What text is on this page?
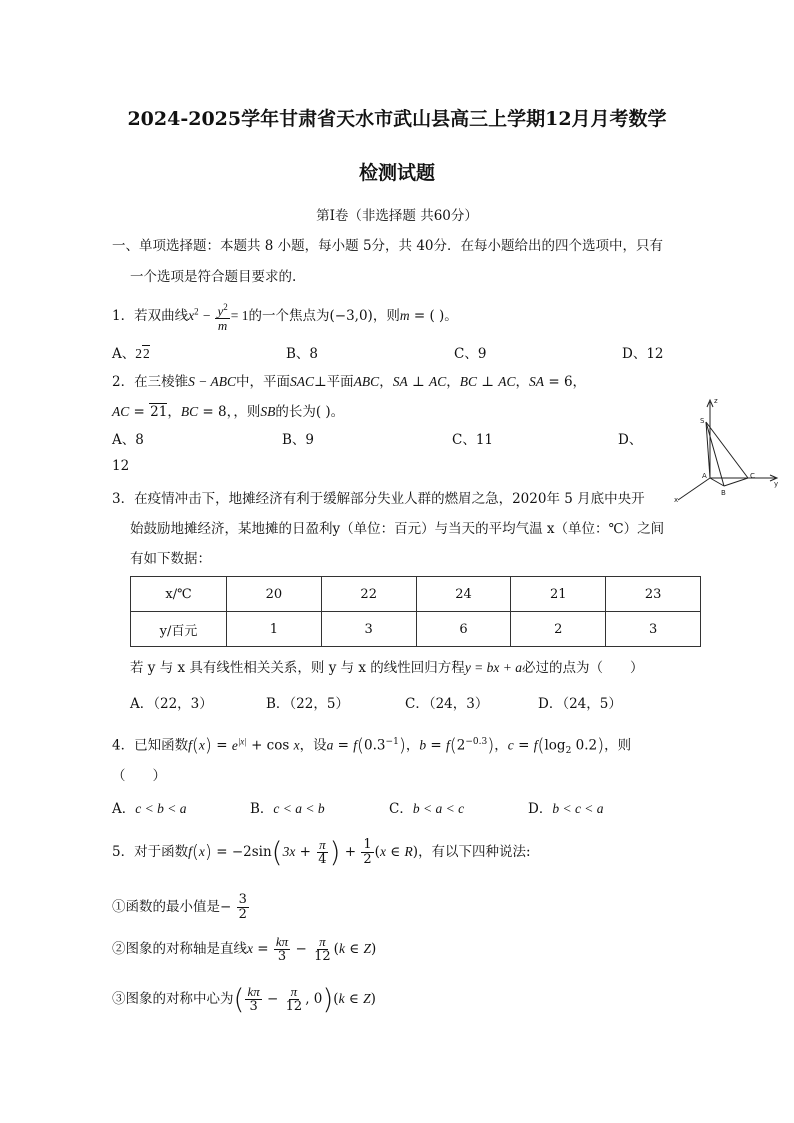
2024-2025学年甘肃省天水市武山县高三上学期12月月考数学
检测试题
第Ⅰ卷（非选择题 共60分）
一、单项选择题：本题共 8 小题，每小题 5分，共 40分．在每小题给出的四个选项中，只有
一个选项是符合题目要求的.
1．若双曲线$x^2 - \frac{y^2}{m} = 1$的一个焦点为(−3,0)，则m = ( )。
A、22	B、8	C、9	D、12
2．在三棱锥S − ABC中，平面SAC⊥平面ABC，SA ⊥ AC，BC ⊥ AC，SA = 6，
AC = 21，BC = 8，，则SB的长为( )。
A、8	B、9	C、11	D、
12
z
S
A	C
B
y
x
3．在疫情冲击下，地摊经济有利于缓解部分失业人群的燃眉之急，2020年 5 月底中央开
始鼓励地摊经济，某地摊的日盈利y（单位：百元）与当天的平均气温 x（单位：℃）之间
有如下数据：
x/℃	20	22	24	21	23
y/百元	1	3	6	2	3
若 y 与 x 具有线性相关关系，则 y 与 x 的线性回归方程y = bx + a必过的点为（　　）
A．（22，3）	B．（22，5）	C．（24，3）	D．（24，5）
4．已知函数$f(x) = e^{|x|} + \cos x$，设$a = f(0.3^{-1})$，$b = f(2^{-0.3})$，$c = f(\log_2$ 0.2)，则
（　　）
A．c < b < a	B．c < a < b	C．b < a < c	D．b < c < a
5．对于函数$f(x) = -2\sin(3x + \frac{\pi}{4}$ ) + $\frac{1}{2} (x$ ∈ R)，有以下四种说法:
①函数的最小值是− $\frac{3}{2}$
②图象的对称轴是直线$x = \frac{k\pi}{3} - \frac{\pi}{12} (k$ ∈ Z)
③图象的对称中心为( $\frac{k\pi}{3} - \frac{\pi}{12}$ , 0)(k ∈ Z)
